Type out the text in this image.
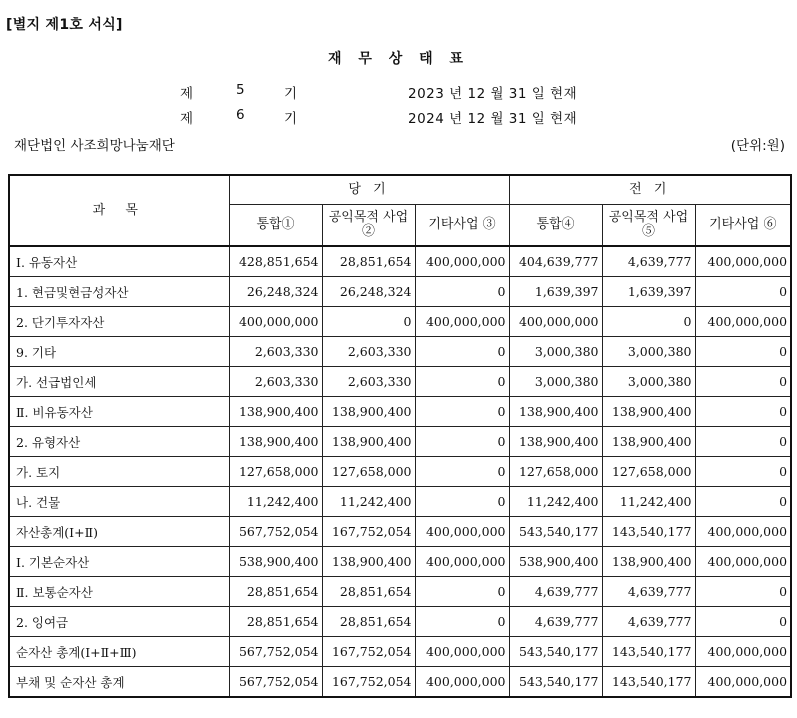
[별지 제1호 서식]
재 무 상 태 표
제	5	기	2023 년 12 월 31 일 현재
제	6	기	2024 년 12 월 31 일 현재
재단법인 사조희망나눔재단	(단위:원)
과 목	당 기			전 기		
	통합①	공익목적 사업②	기타사업 ③	통합④	공익목적 사업⑤	기타사업 ⑥
Ⅰ. 유동자산	428,851,654	28,851,654	400,000,000	404,639,777	4,639,777	400,000,000
1. 현금및현금성자산	26,248,324	26,248,324	0	1,639,397	1,639,397	0
2. 단기투자자산	400,000,000	0	400,000,000	400,000,000	0	400,000,000
9. 기타	2,603,330	2,603,330	0	3,000,380	3,000,380	0
가. 선급법인세	2,603,330	2,603,330	0	3,000,380	3,000,380	0
Ⅱ. 비유동자산	138,900,400	138,900,400	0	138,900,400	138,900,400	0
2. 유형자산	138,900,400	138,900,400	0	138,900,400	138,900,400	0
가. 토지	127,658,000	127,658,000	0	127,658,000	127,658,000	0
나. 건물	11,242,400	11,242,400	0	11,242,400	11,242,400	0
자산총계(Ⅰ+Ⅱ)	567,752,054	167,752,054	400,000,000	543,540,177	143,540,177	400,000,000
Ⅰ. 기본순자산	538,900,400	138,900,400	400,000,000	538,900,400	138,900,400	400,000,000
Ⅱ. 보통순자산	28,851,654	28,851,654	0	4,639,777	4,639,777	0
2. 잉여금	28,851,654	28,851,654	0	4,639,777	4,639,777	0
순자산 총계(Ⅰ+Ⅱ+Ⅲ)	567,752,054	167,752,054	400,000,000	543,540,177	143,540,177	400,000,000
부채 및 순자산 총계	567,752,054	167,752,054	400,000,000	543,540,177	143,540,177	400,000,000
